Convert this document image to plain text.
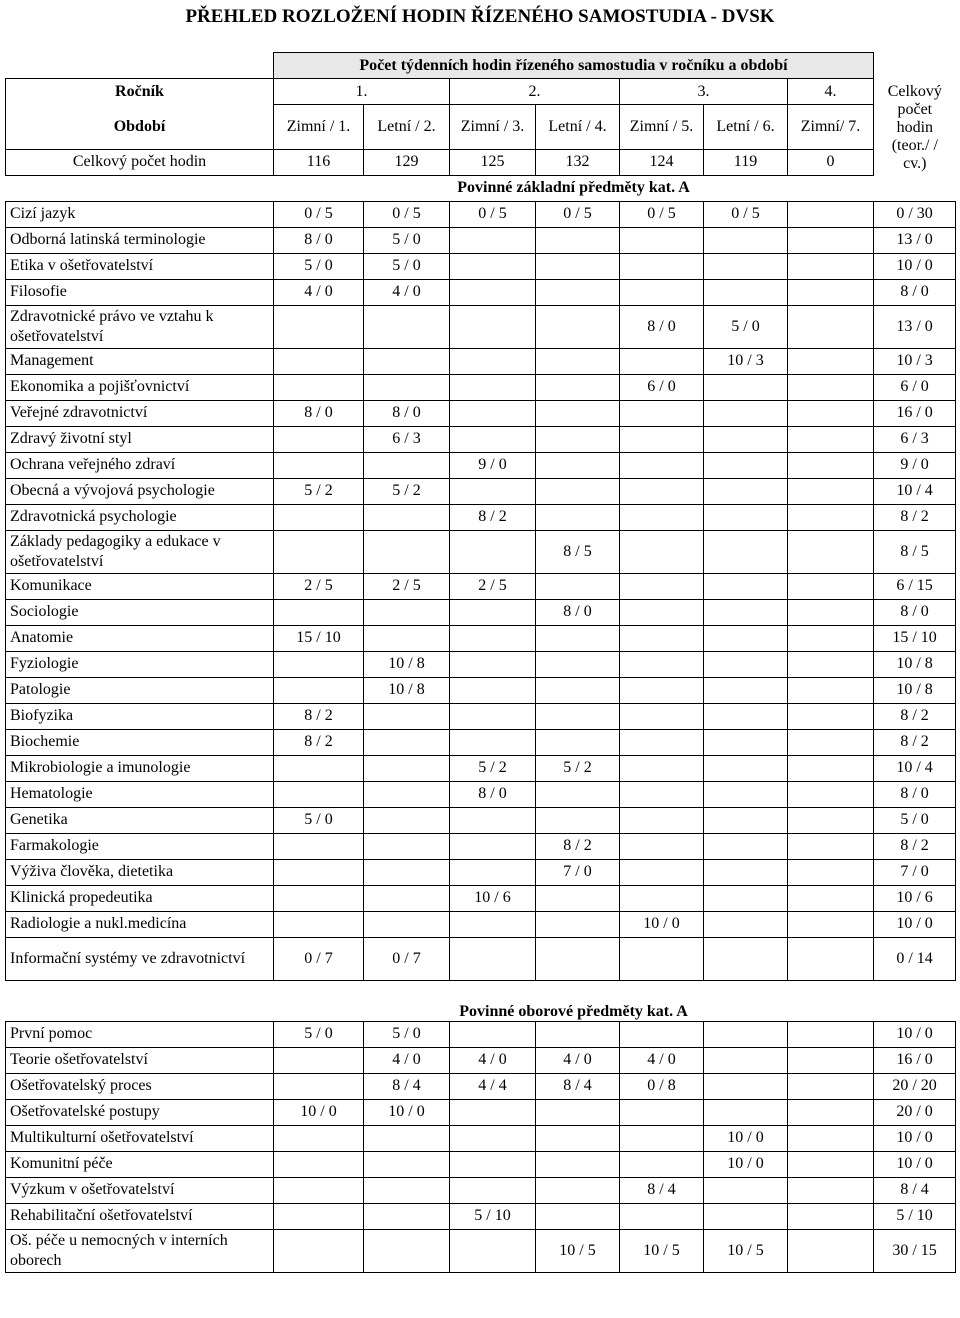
PŘEHLED ROZLOŽENÍ HODIN ŘÍZENÉHO SAMOSTUDIA - DVSK
	Počet týdenních hodin řízeného samostudia v ročníku a období							
Ročník	1.		2.		3.		4.	Celkový počet hodin (teor./ / cv.)
Období	Zimní / 1.	Letní / 2.	Zimní / 3.	Letní / 4.	Zimní / 5.	Letní / 6.	Zimní/ 7.	
Celkový počet hodin	116	129	125	132	124	119	0	
	Povinné základní předměty kat. A							
Cizí jazyk	0 / 5	0 / 5	0 / 5	0 / 5	0 / 5	0 / 5		0 / 30
Odborná latinská terminologie	8 / 0	5 / 0						13 / 0
Etika v ošetřovatelství	5 / 0	5 / 0						10 / 0
Filosofie	4 / 0	4 / 0						8 / 0
Zdravotnické právo ve vztahu k ošetřovatelství					8 / 0	5 / 0		13 / 0
Management						10 / 3		10 / 3
Ekonomika a pojišťovnictví					6 / 0			6 / 0
Veřejné zdravotnictví	8 / 0	8 / 0						16 / 0
Zdravý životní styl		6 / 3						6 / 3
Ochrana veřejného zdraví			9 / 0					9 / 0
Obecná a vývojová psychologie	5 / 2	5 / 2						10 / 4
Zdravotnická psychologie			8 / 2					8 / 2
Základy pedagogiky a edukace v ošetřovatelství				8 / 5				8 / 5
Komunikace	2 / 5	2 / 5	2 / 5					6 / 15
Sociologie				8 / 0				8 / 0
Anatomie	15 / 10							15 / 10
Fyziologie		10 / 8						10 / 8
Patologie		10 / 8						10 / 8
Biofyzika	8 / 2							8 / 2
Biochemie	8 / 2							8 / 2
Mikrobiologie a imunologie			5 / 2	5 / 2				10 / 4
Hematologie			8 / 0					8 / 0
Genetika	5 / 0							5 / 0
Farmakologie				8 / 2				8 / 2
Výživa člověka, dietetika				7 / 0				7 / 0
Klinická propedeutika			10 / 6					10 / 6
Radiologie a nukl.medicína					10 / 0			10 / 0
Informační systémy ve zdravotnictví	0 / 7	0 / 7						0 / 14
	Povinné oborové předměty kat. A							
První pomoc	5 / 0	5 / 0						10 / 0
Teorie ošetřovatelství		4 / 0	4 / 0	4 / 0	4 / 0			16 / 0
Ošetřovatelský proces		8 / 4	4 / 4	8 / 4	0 / 8			20 / 20
Ošetřovatelské postupy	10 / 0	10 / 0						20 / 0
Multikulturní ošetřovatelství						10 / 0		10 / 0
Komunitní péče						10 / 0		10 / 0
Výzkum v ošetřovatelství					8 / 4			8 / 4
Rehabilitační ošetřovatelství			5 / 10					5 / 10
Oš. péče u nemocných v interních oborech				10 / 5	10 / 5	10 / 5		30 / 15
